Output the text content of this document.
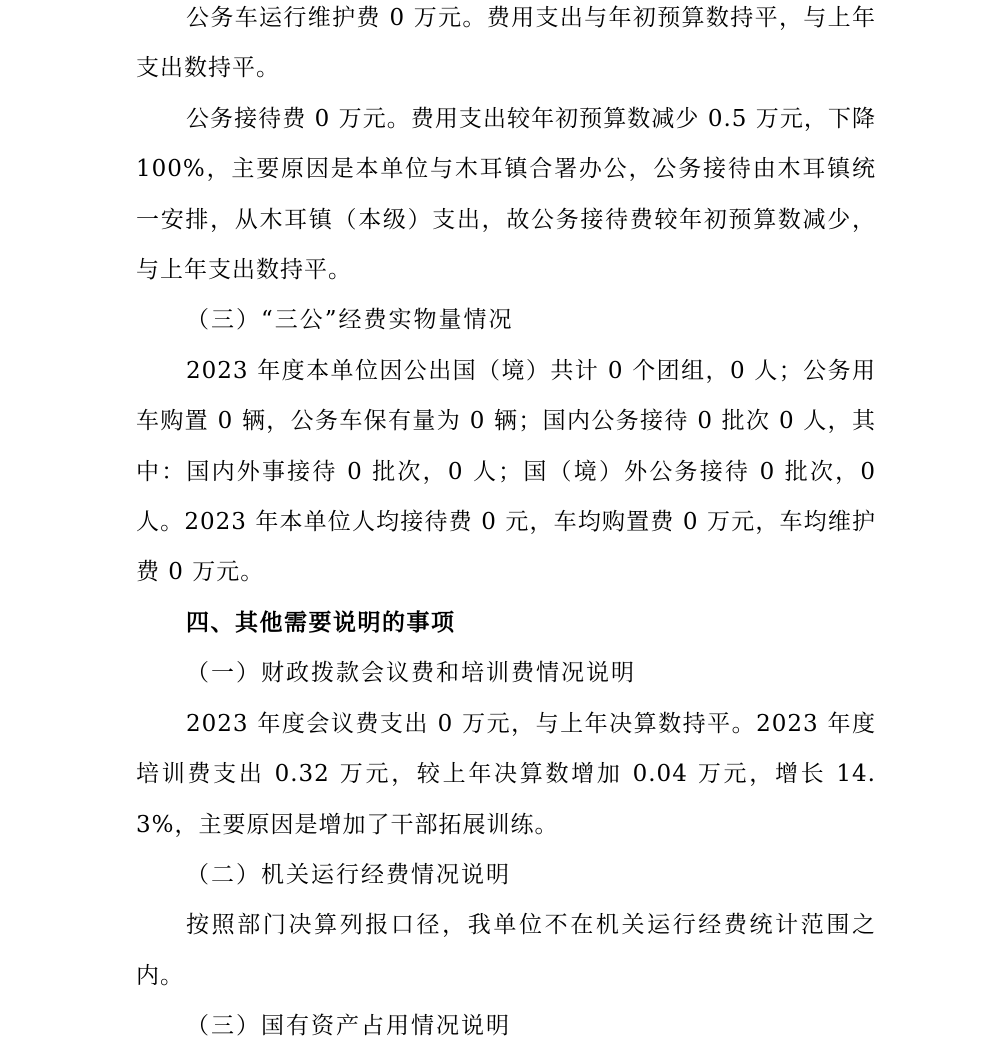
公务车运行维护费 0 万元。费用支出与年初预算数持平，与上年支出数持平。

公务接待费 0 万元。费用支出较年初预算数减少 0.5 万元，下降 100%，主要原因是本单位与木耳镇合署办公，公务接待由木耳镇统一安排，从木耳镇（本级）支出，故公务接待费较年初预算数减少，与上年支出数持平。

（三）“三公”经费实物量情况

2023 年度本单位因公出国（境）共计 0 个团组，0 人；公务用车购置 0 辆，公务车保有量为 0 辆；国内公务接待 0 批次 0 人，其中：国内外事接待 0 批次，0 人；国（境）外公务接待 0 批次，0 人。2023 年本单位人均接待费 0 元，车均购置费 0 万元，车均维护费 0 万元。

四、其他需要说明的事项

（一）财政拨款会议费和培训费情况说明

2023 年度会议费支出 0 万元，与上年决算数持平。2023 年度培训费支出 0.32 万元，较上年决算数增加 0.04 万元，增长 14.3%，主要原因是增加了干部拓展训练。

（二）机关运行经费情况说明

按照部门决算列报口径，我单位不在机关运行经费统计范围之内。

（三）国有资产占用情况说明
